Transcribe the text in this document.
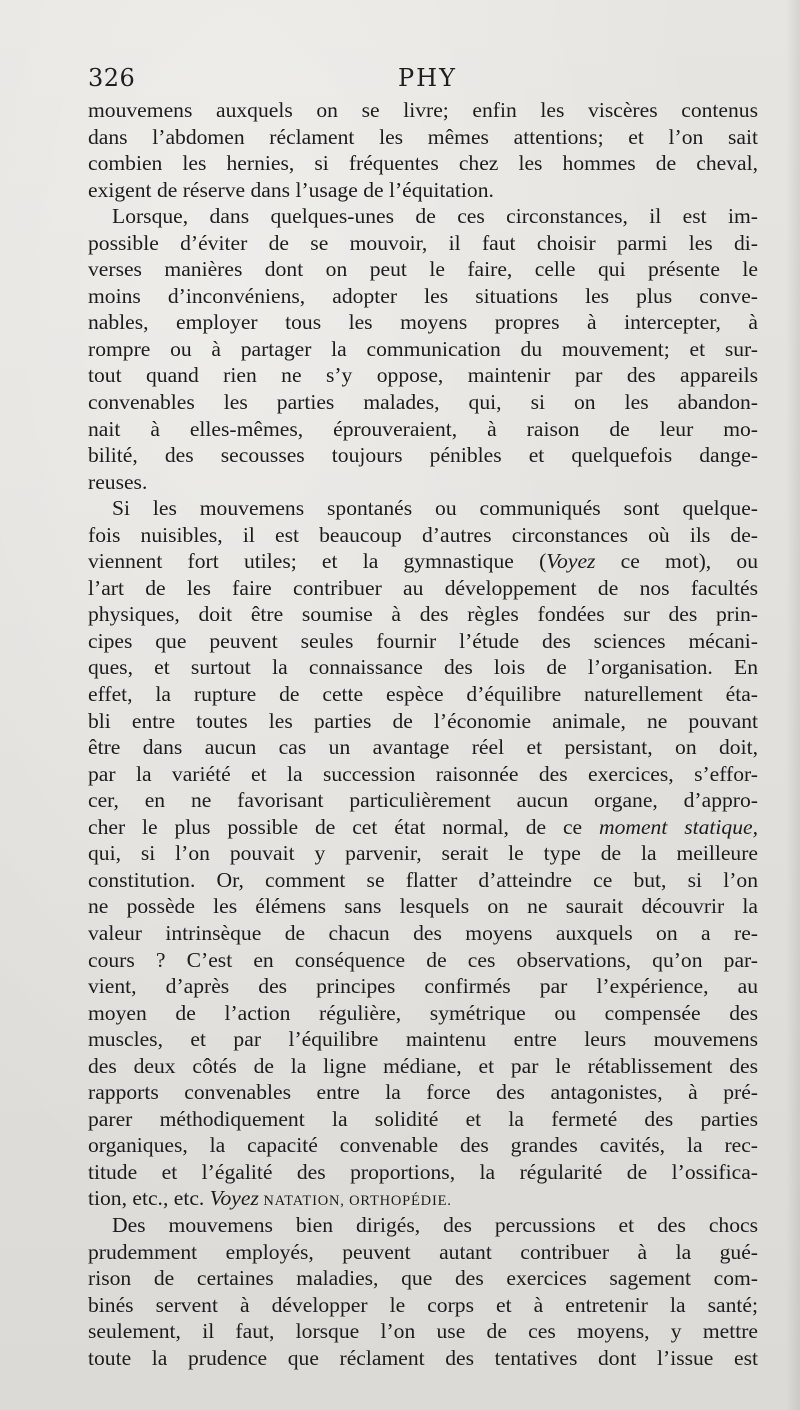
326	PHY
mouvemens auxquels on se livre; enfin les viscères contenus
dans l’abdomen réclament les mêmes attentions; et l’on sait
combien les hernies, si fréquentes chez les hommes de cheval,
exigent de réserve dans l’usage de l’équitation.
Lorsque, dans quelques-unes de ces circonstances, il est im-
possible d’éviter de se mouvoir, il faut choisir parmi les di-
verses manières dont on peut le faire, celle qui présente le
moins d’inconvéniens, adopter les situations les plus conve-
nables, employer tous les moyens propres à intercepter, à
rompre ou à partager la communication du mouvement; et sur-
tout quand rien ne s’y oppose, maintenir par des appareils
convenables les parties malades, qui, si on les abandon-
nait à elles-mêmes, éprouveraient, à raison de leur mo-
bilité, des secousses toujours pénibles et quelquefois dange-
reuses.
Si les mouvemens spontanés ou communiqués sont quelque-
fois nuisibles, il est beaucoup d’autres circonstances où ils de-
viennent fort utiles; et la gymnastique (Voyez ce mot), ou
l’art de les faire contribuer au développement de nos facultés
physiques, doit être soumise à des règles fondées sur des prin-
cipes que peuvent seules fournir l’étude des sciences mécani-
ques, et surtout la connaissance des lois de l’organisation. En
effet, la rupture de cette espèce d’équilibre naturellement éta-
bli entre toutes les parties de l’économie animale, ne pouvant
être dans aucun cas un avantage réel et persistant, on doit,
par la variété et la succession raisonnée des exercices, s’effor-
cer, en ne favorisant particulièrement aucun organe, d’appro-
cher le plus possible de cet état normal, de ce moment statique,
qui, si l’on pouvait y parvenir, serait le type de la meilleure
constitution. Or, comment se flatter d’atteindre ce but, si l’on
ne possède les élémens sans lesquels on ne saurait découvrir la
valeur intrinsèque de chacun des moyens auxquels on a re-
cours ? C’est en conséquence de ces observations, qu’on par-
vient, d’après des principes confirmés par l’expérience, au
moyen de l’action régulière, symétrique ou compensée des
muscles, et par l’équilibre maintenu entre leurs mouvemens
des deux côtés de la ligne médiane, et par le rétablissement des
rapports convenables entre la force des antagonistes, à pré-
parer méthodiquement la solidité et la fermeté des parties
organiques, la capacité convenable des grandes cavités, la rec-
titude et l’égalité des proportions, la régularité de l’ossifica-
tion, etc., etc. Voyez NATATION, ORTHOPÉDIE.
Des mouvemens bien dirigés, des percussions et des chocs
prudemment employés, peuvent autant contribuer à la gué-
rison de certaines maladies, que des exercices sagement com-
binés servent à développer le corps et à entretenir la santé;
seulement, il faut, lorsque l’on use de ces moyens, y mettre
toute la prudence que réclament des tentatives dont l’issue est
